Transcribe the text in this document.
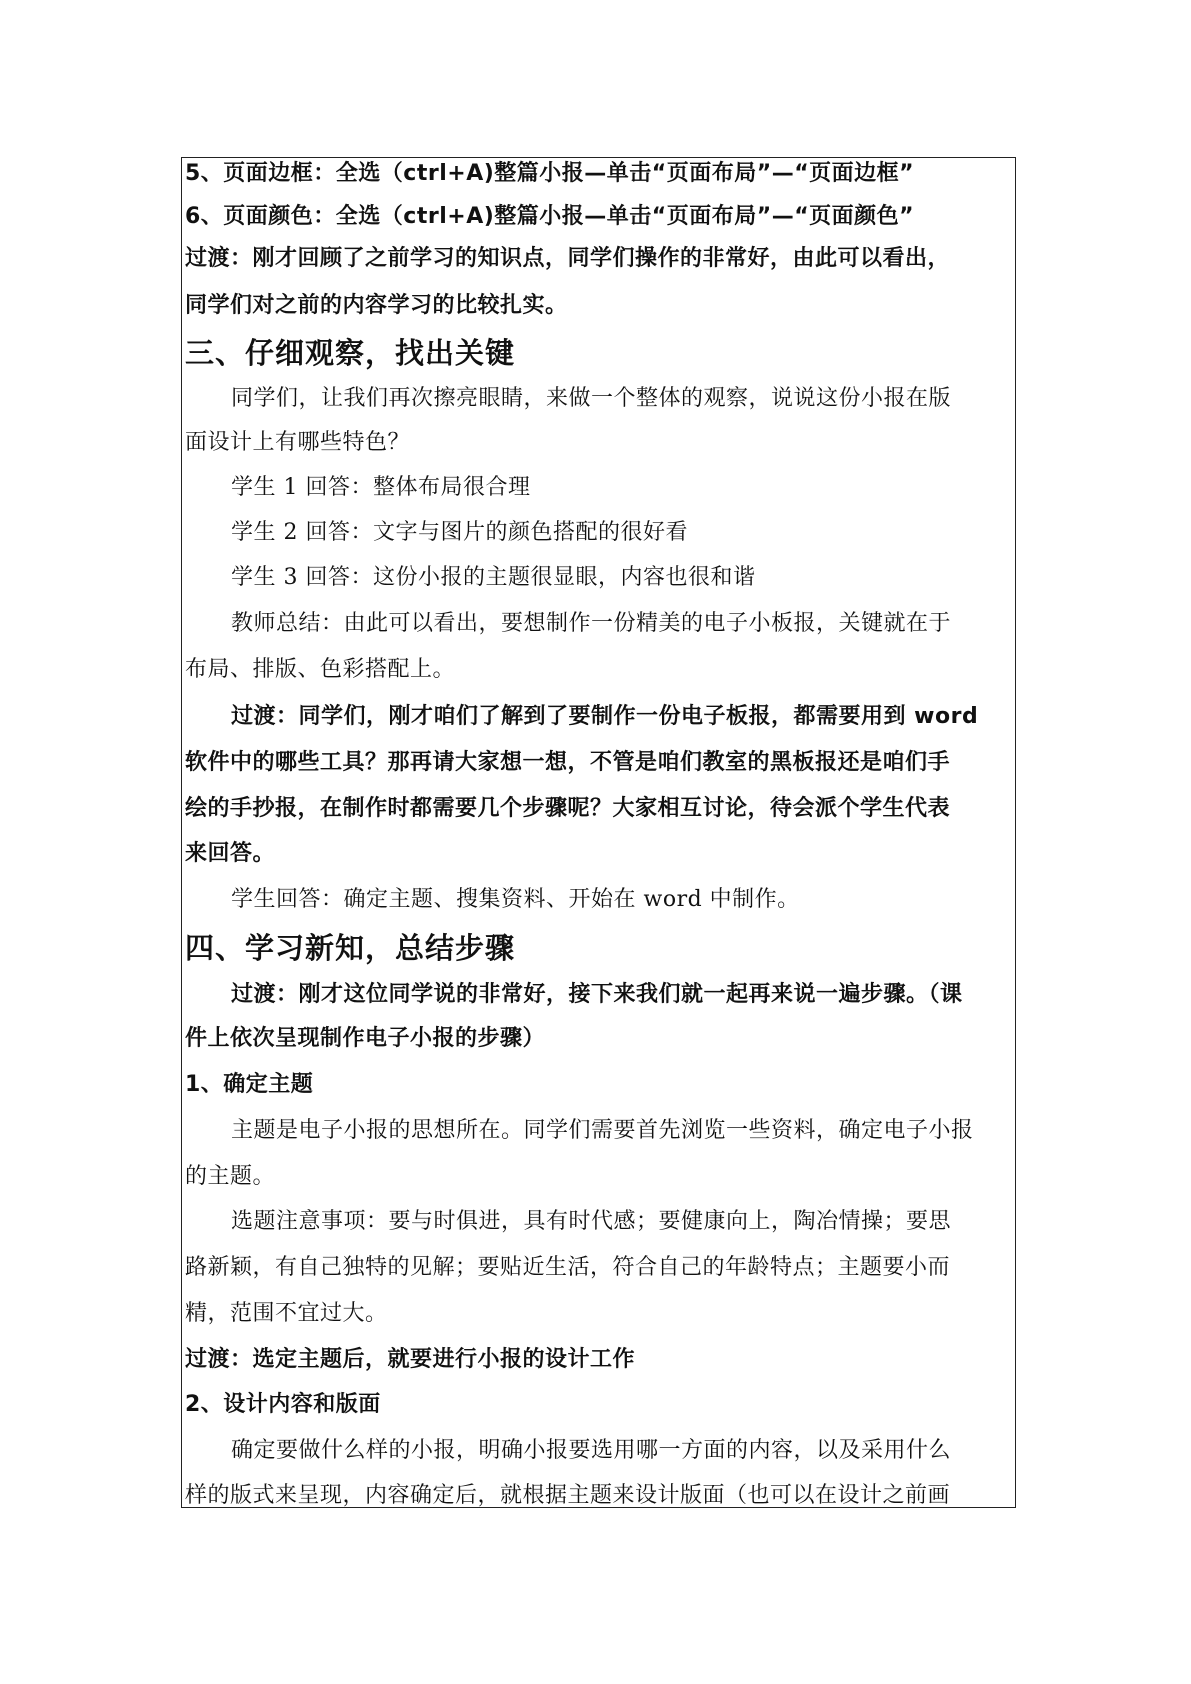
5、页面边框：全选（ctrl+A)整篇小报—单击“页面布局”—“页面边框”
6、页面颜色：全选（ctrl+A)整篇小报—单击“页面布局”—“页面颜色”
过渡：刚才回顾了之前学习的知识点，同学们操作的非常好，由此可以看出，
同学们对之前的内容学习的比较扎实。
三、仔细观察，找出关键
同学们，让我们再次擦亮眼睛，来做一个整体的观察，说说这份小报在版
面设计上有哪些特色？
学生 1 回答：整体布局很合理
学生 2 回答：文字与图片的颜色搭配的很好看
学生 3 回答：这份小报的主题很显眼，内容也很和谐
教师总结：由此可以看出，要想制作一份精美的电子小板报，关键就在于
布局、排版、色彩搭配上。
过渡：同学们，刚才咱们了解到了要制作一份电子板报，都需要用到 word
软件中的哪些工具？那再请大家想一想，不管是咱们教室的黑板报还是咱们手
绘的手抄报，在制作时都需要几个步骤呢？大家相互讨论，待会派个学生代表
来回答。
学生回答：确定主题、搜集资料、开始在 word 中制作。
四、学习新知，总结步骤
过渡：刚才这位同学说的非常好，接下来我们就一起再来说一遍步骤。（课
件上依次呈现制作电子小报的步骤）
1、确定主题
主题是电子小报的思想所在。同学们需要首先浏览一些资料，确定电子小报
的主题。
选题注意事项：要与时俱进，具有时代感；要健康向上，陶冶情操；要思
路新颖，有自己独特的见解；要贴近生活，符合自己的年龄特点；主题要小而
精，范围不宜过大。
过渡：选定主题后，就要进行小报的设计工作
2、设计内容和版面
确定要做什么样的小报，明确小报要选用哪一方面的内容，以及采用什么
样的版式来呈现，内容确定后，就根据主题来设计版面（也可以在设计之前画
